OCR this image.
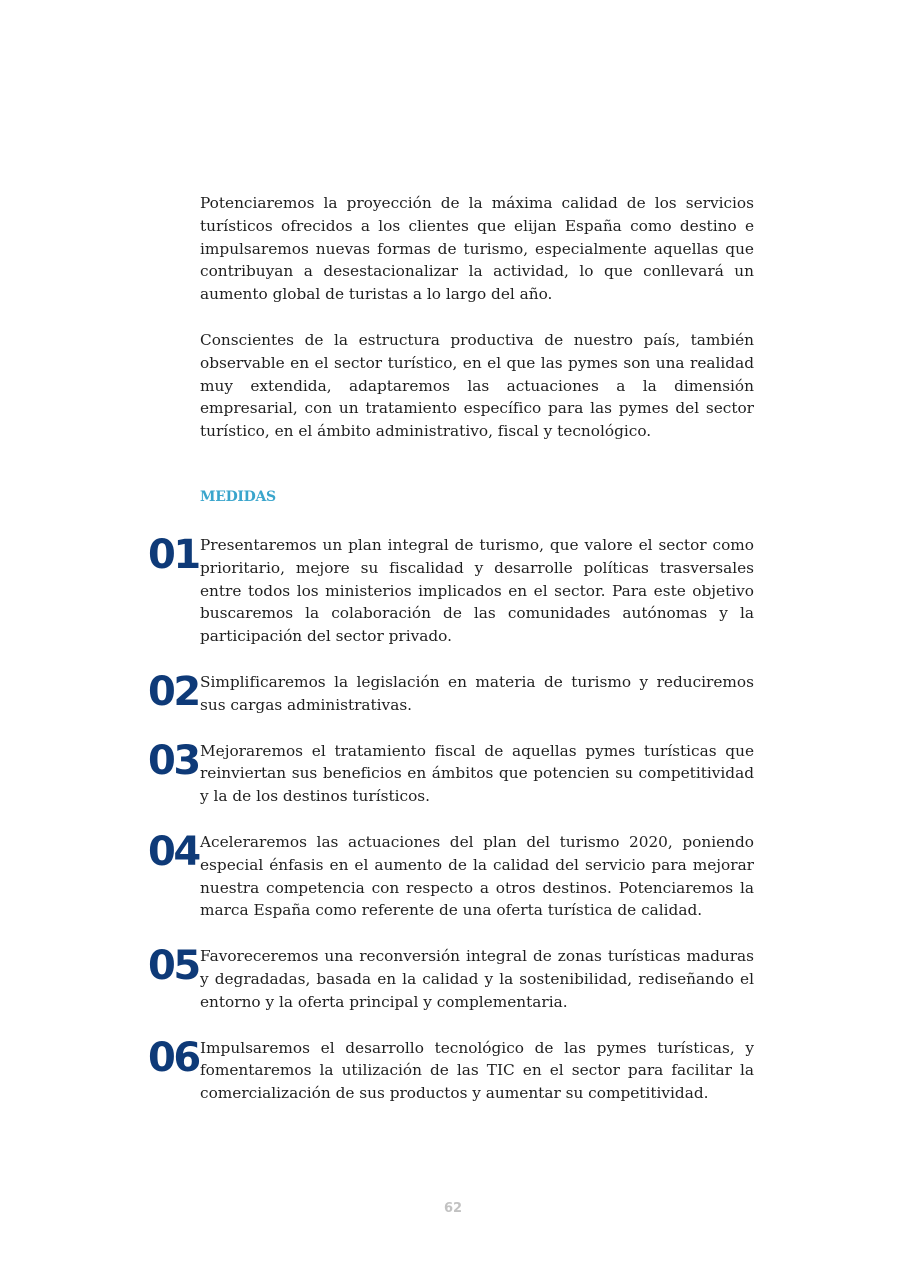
Potenciaremos la proyección de la máxima calidad de los servicios turísticos ofrecidos a los clientes que elijan España como destino e impulsaremos nuevas formas de turismo, especialmente aquellas que contribuyan a desestacionalizar la actividad, lo que conllevará un aumento global de turistas a lo largo del año.

Conscientes de la estructura productiva de nuestro país, también observable en el sector turístico, en el que las pymes son una realidad muy extendida, adaptaremos las actuaciones a la dimensión empresarial, con un tratamiento específico para las pymes del sector turístico, en el ámbito administrativo, fiscal y tecnológico.

MEDIDAS
01 Presentaremos un plan integral de turismo, que valore el sector como prioritario, mejore su fiscalidad y desarrolle políticas trasversales entre todos los ministerios implicados en el sector. Para este objetivo buscaremos la colaboración de las comunidades autónomas y la participación del sector privado.

02 Simplificaremos la legislación en materia de turismo y reduciremos sus cargas administrativas.

03 Mejoraremos el tratamiento fiscal de aquellas pymes turísticas que reinviertan sus beneficios en ámbitos que potencien su competitividad y la de los destinos turísticos.

04 Aceleraremos las actuaciones del plan del turismo 2020, poniendo especial énfasis en el aumento de la calidad del servicio para mejorar nuestra competencia con respecto a otros destinos. Potenciaremos la marca España como referente de una oferta turística de calidad.

05 Favoreceremos una reconversión integral de zonas turísticas maduras y degradadas, basada en la calidad y la sostenibilidad, rediseñando el entorno y la oferta principal y complementaria.

06 Impulsaremos el desarrollo tecnológico de las pymes turísticas, y fomentaremos la utilización de las TIC en el sector para facilitar la comercialización de sus productos y aumentar su competitividad.

62
